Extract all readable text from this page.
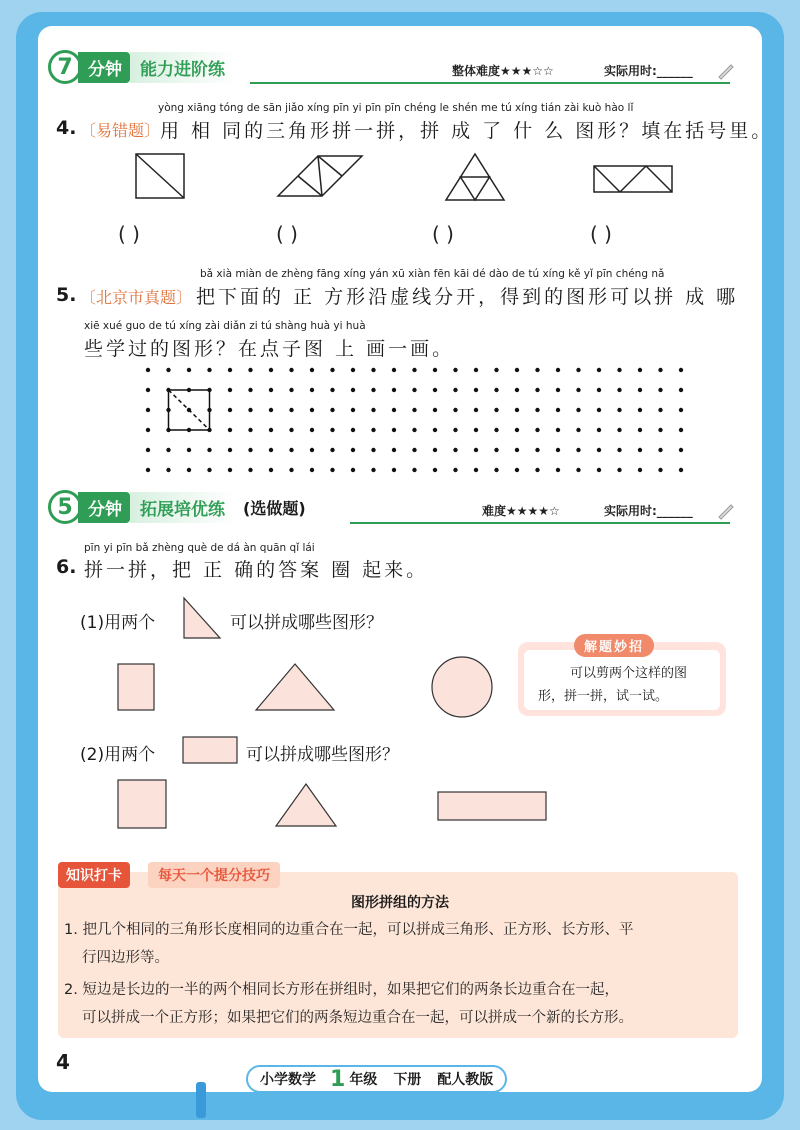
7 分钟	能力进阶练	整体难度★★★☆☆	实际用时:______
yòng xiāng tóng de sān jiǎo xíng pīn yi pīn pīn chéng le shén me tú xíng tián zài kuò hào lǐ
4. 〔易错题〕 用 相 同的三角形拼一拼，拼 成 了 什 么 图形？填在括号里。
( )	( )	( )	( )
bǎ xià miàn de zhèng fāng xíng yán xū xiàn fēn kāi dé dào de tú xíng kě yǐ pīn chéng nǎ
5. 〔北京市真题〕 把下面的 正 方形沿虚线分开，得到的图形可以拼 成 哪
xiē xué guo de tú xíng zài diǎn zi tú shàng huà yi huà
些学过的图形？在点子图 上 画一画。
5 分钟	拓展培优练	(选做题)	难度★★★★☆	实际用时:______
pīn yi pīn bǎ zhèng què de dá àn quān qǐ lái
6. 拼一拼，把 正 确的答案 圈 起来。
(1)用两个	可以拼成哪些图形？
解题妙招
可以剪两个这样的图
形，拼一拼，试一试。
(2)用两个	可以拼成哪些图形？
知识打卡	每天一个提分技巧
图形拼组的方法
1. 把几个相同的三角形长度相同的边重合在一起，可以拼成三角形、正方形、长方形、平
行四边形等。
2. 短边是长边的一半的两个相同长方形在拼组时，如果把它们的两条长边重合在一起，
可以拼成一个正方形；如果把它们的两条短边重合在一起，可以拼成一个新的长方形。
4
小学数学 1 年级 下册 配人教版
